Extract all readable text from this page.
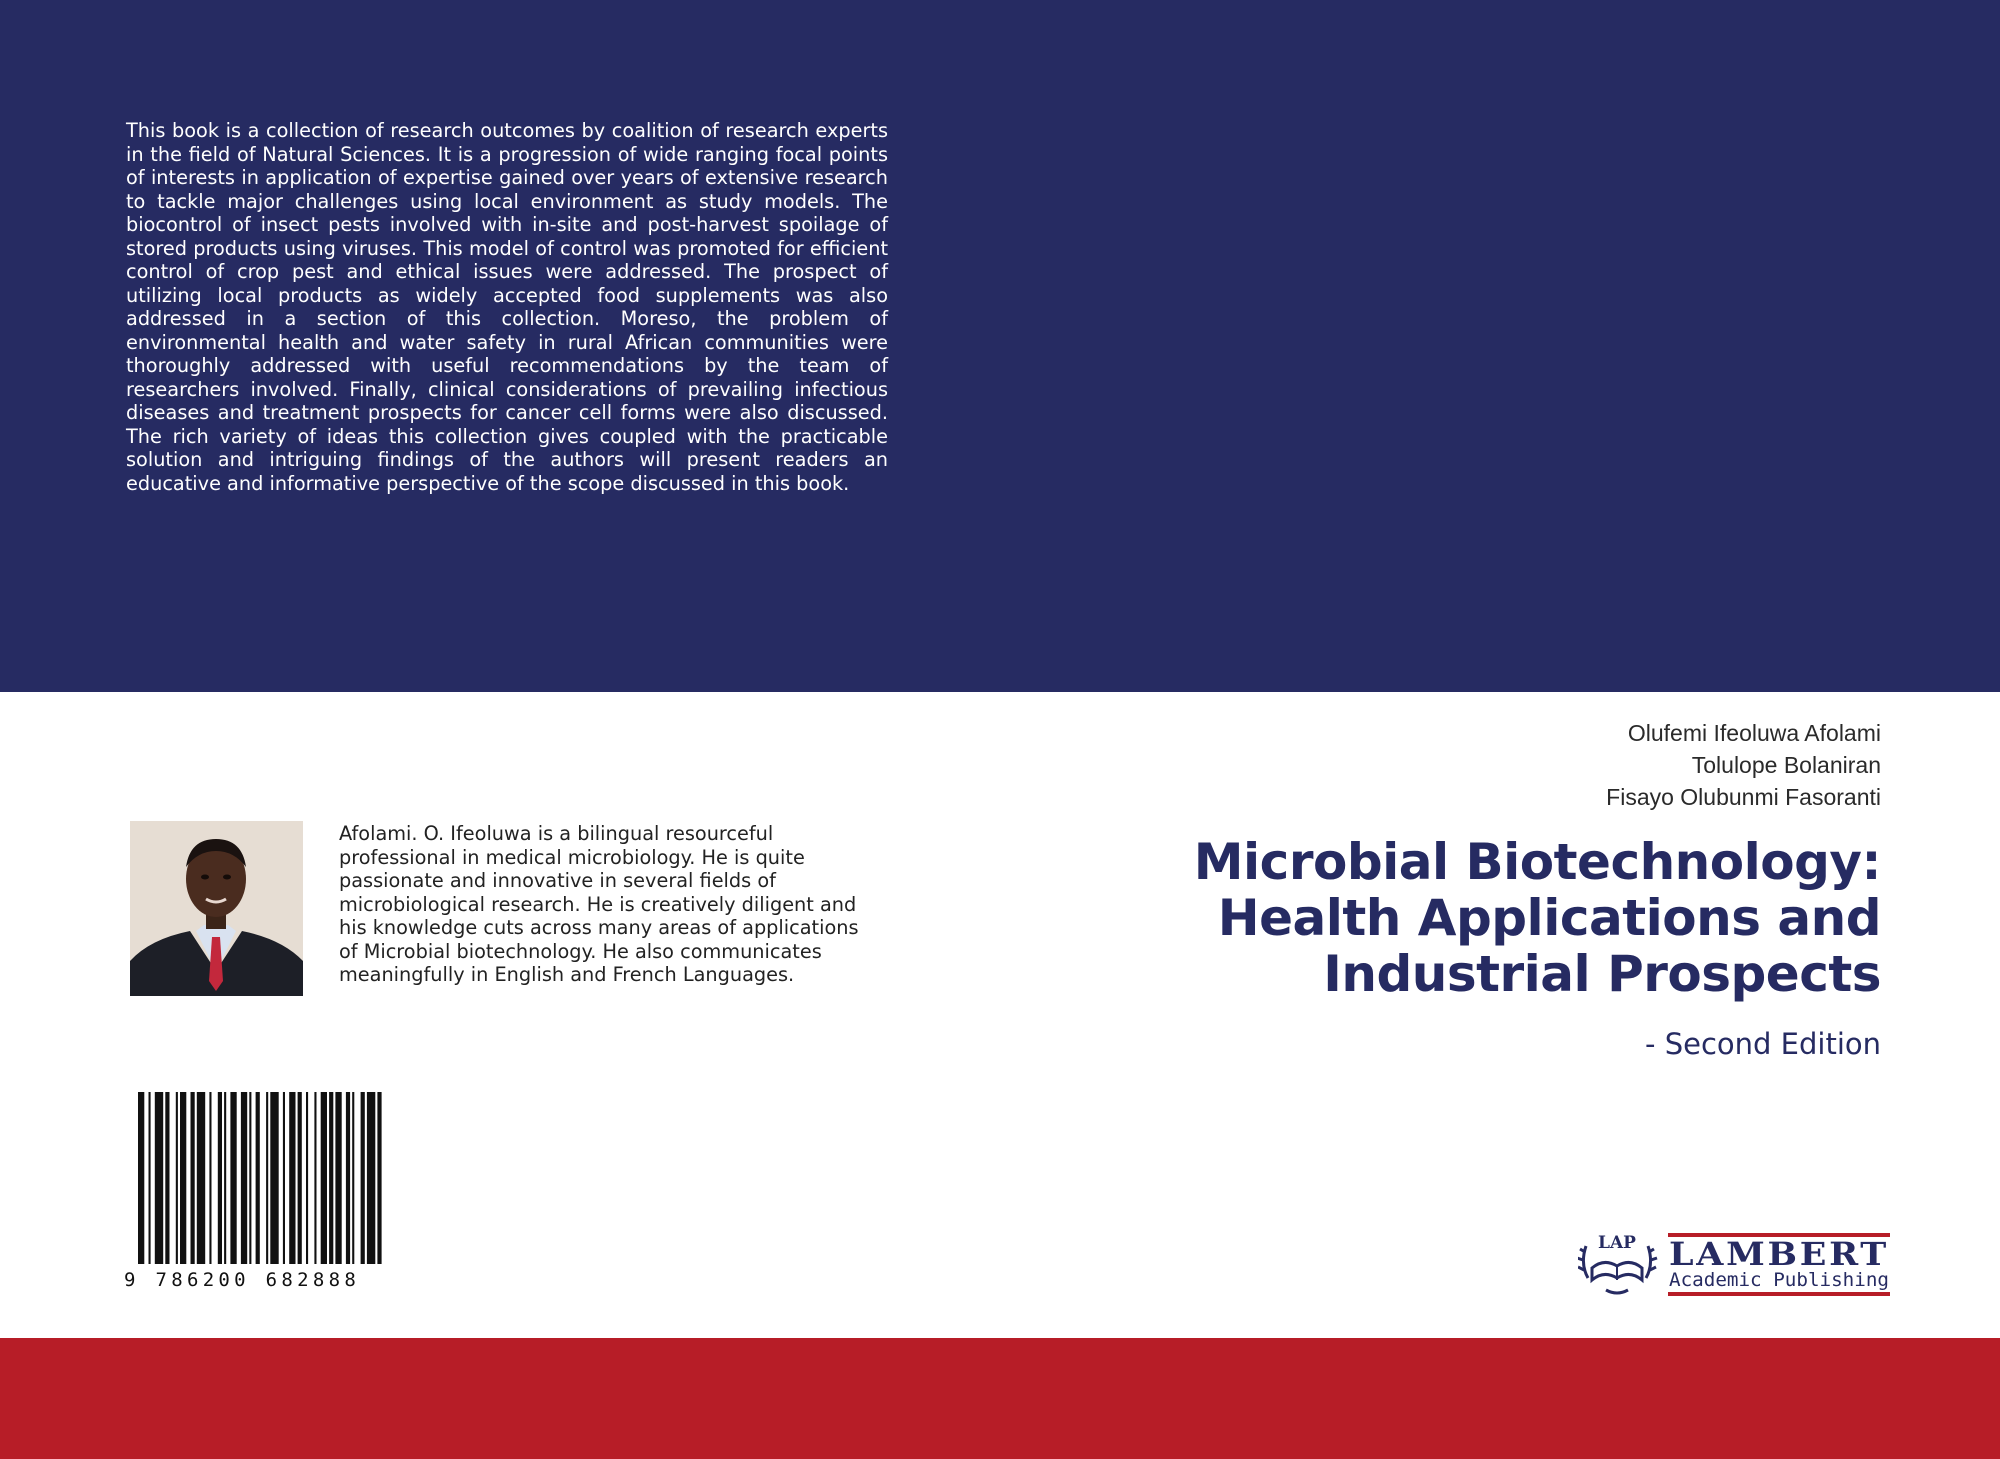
This book is a collection of research outcomes by coalition of research experts in the field of Natural Sciences. It is a progression of wide ranging focal points of interests in application of expertise gained over years of extensive research to tackle major challenges using local environment as study models. The biocontrol of insect pests involved with in-site and post-harvest spoilage of stored products using viruses. This model of control was promoted for efficient control of crop pest and ethical issues were addressed. The prospect of utilizing local products as widely accepted food supplements was also addressed in a section of this collection. Moreso, the problem of environmental health and water safety in rural African communities were thoroughly addressed with useful recommendations by the team of researchers involved. Finally, clinical considerations of prevailing infectious diseases and treatment prospects for cancer cell forms were also discussed. The rich variety of ideas this collection gives coupled with the practicable solution and intriguing findings of the authors will present readers an educative and informative perspective of the scope discussed in this book.

Olufemi Ifeoluwa Afolami
Tolulope Bolaniran
Fisayo Olubunmi Fasoranti
Microbial Biotechnology:
Health Applications and
Industrial Prospects
- Second Edition
Afolami. O. Ifeoluwa is a bilingual resourceful
professional in medical microbiology. He is quite
passionate and innovative in several fields of
microbiological research. He is creatively diligent and
his knowledge cuts across many areas of applications
of Microbial biotechnology. He also communicates
meaningfully in English and French Languages.
9 786200 682888
LAP LAMBERT
Academic Publishing
